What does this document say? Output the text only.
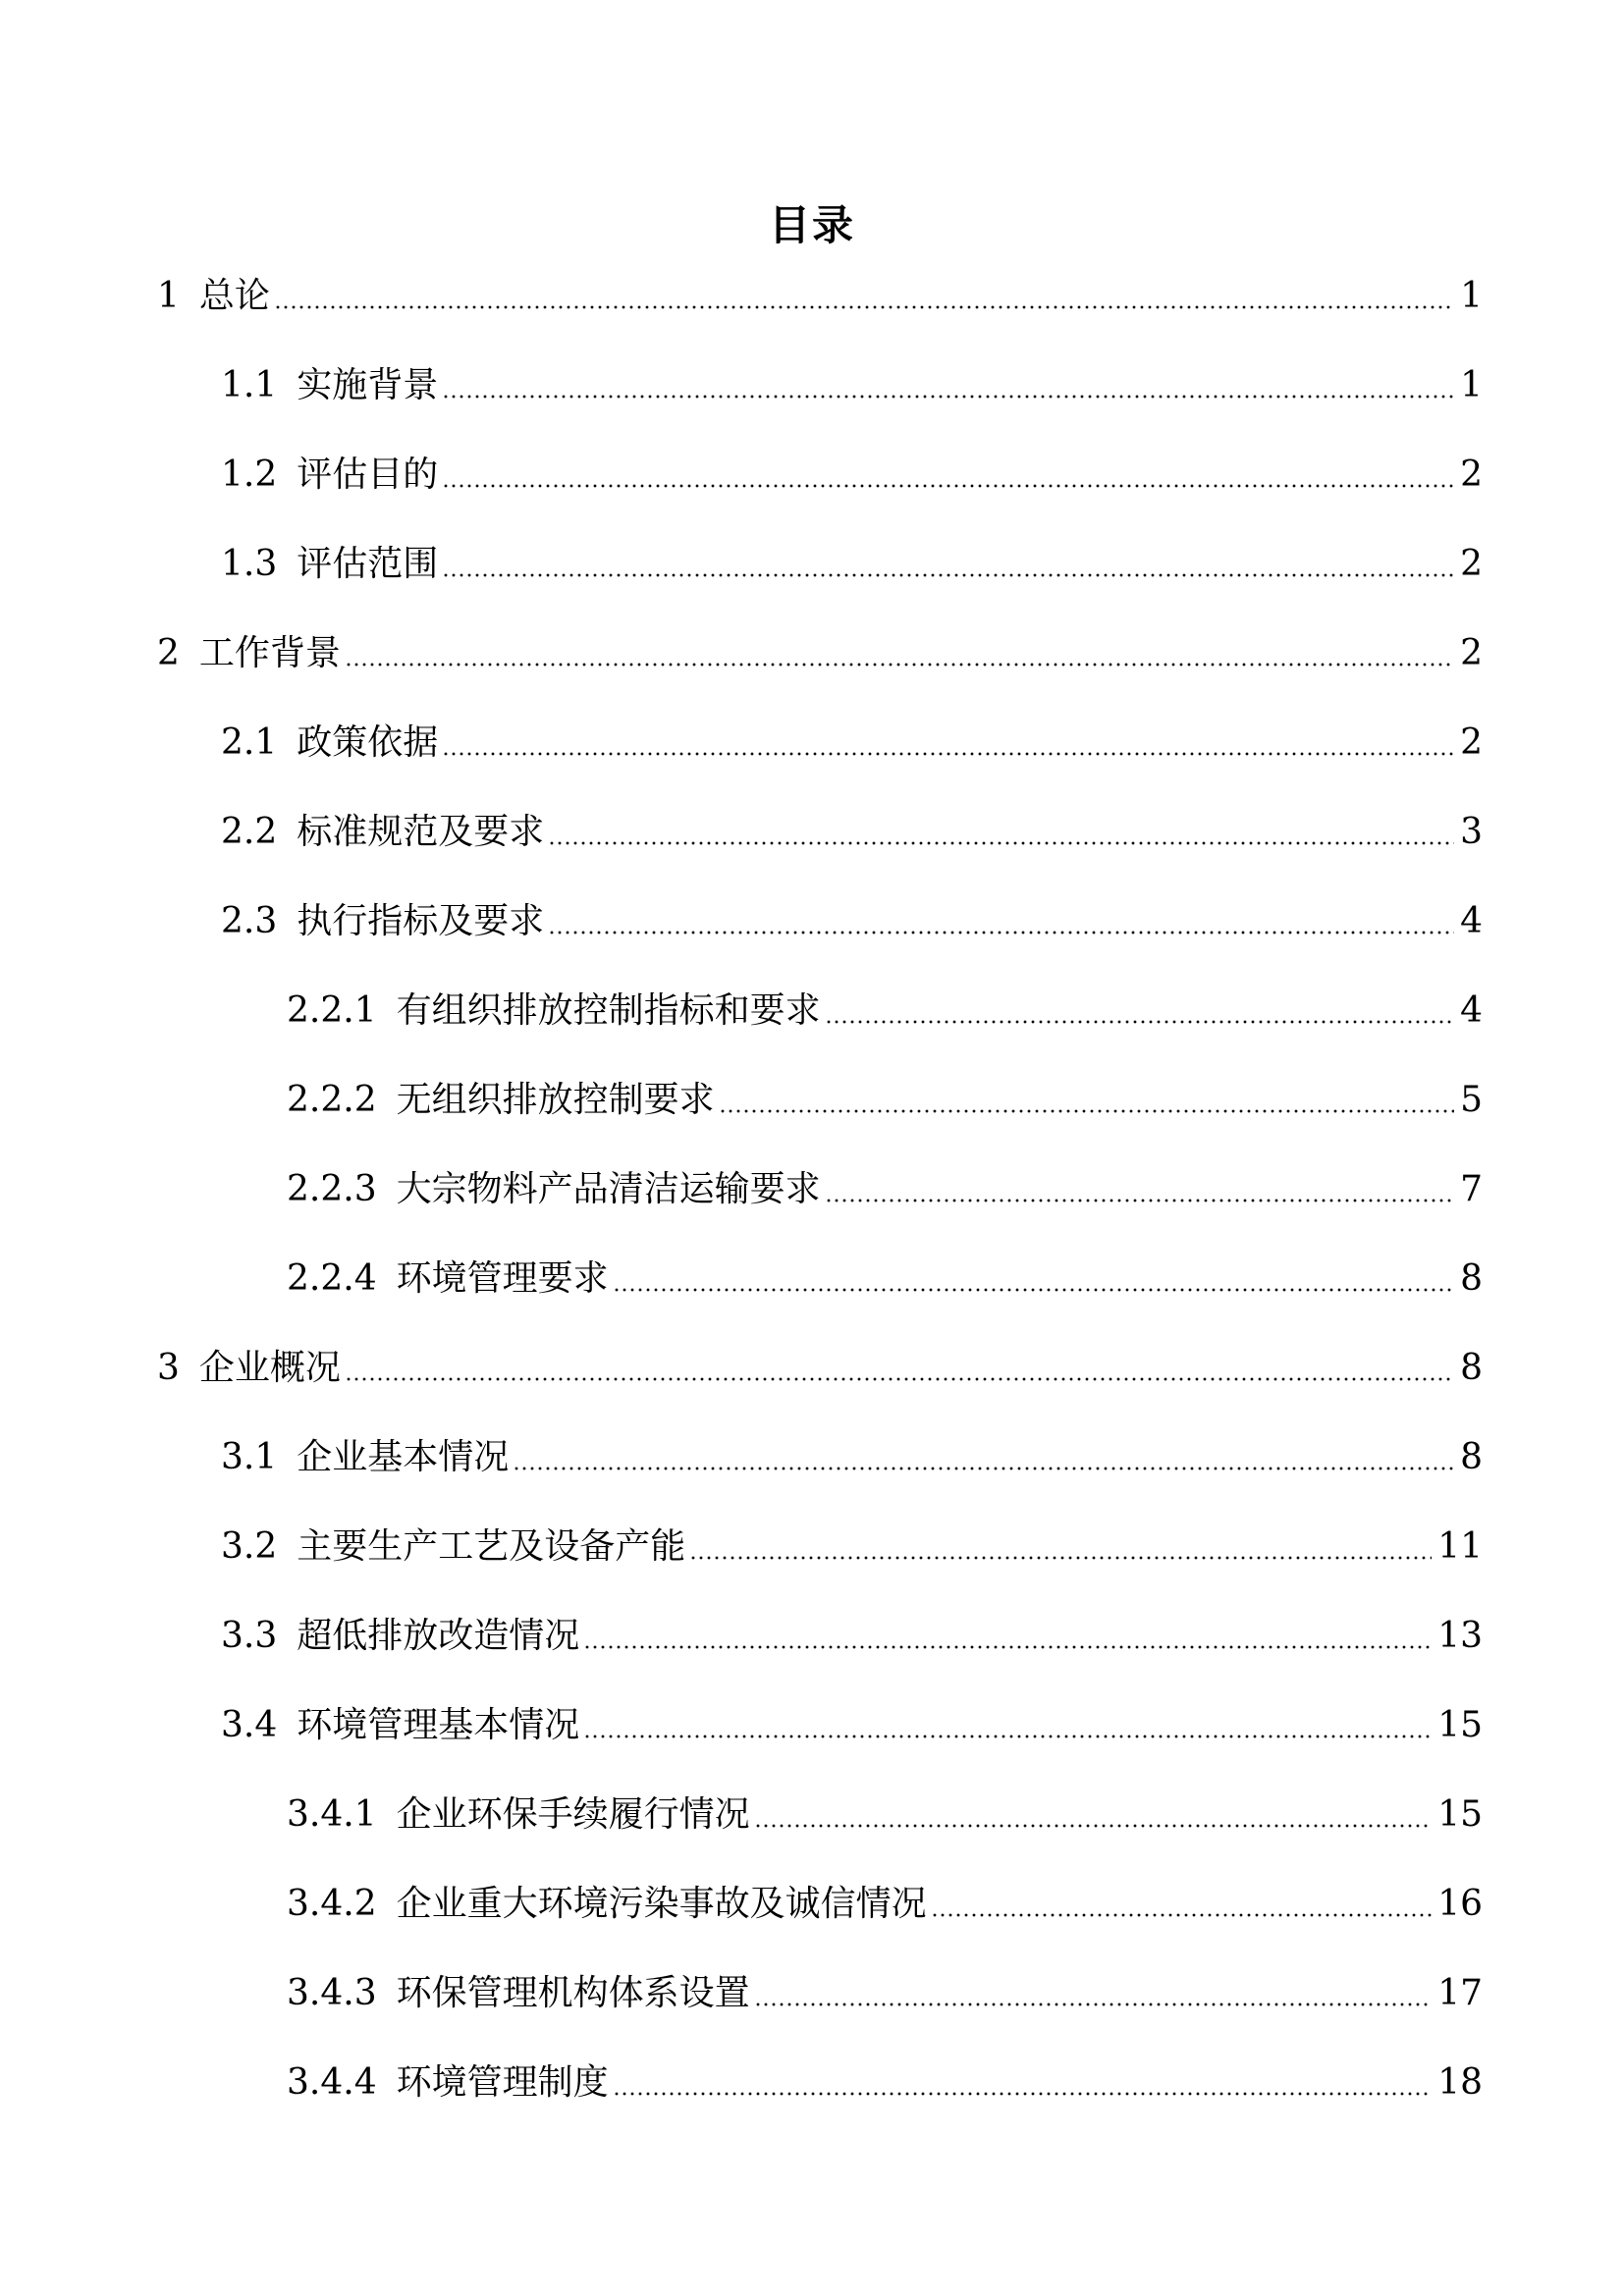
目录
1 总论	1
1.1 实施背景	1
1.2 评估目的	2
1.3 评估范围	2
2 工作背景	2
2.1 政策依据	2
2.2 标准规范及要求	3
2.3 执行指标及要求	4
2.2.1 有组织排放控制指标和要求	4
2.2.2 无组织排放控制要求	5
2.2.3 大宗物料产品清洁运输要求	7
2.2.4 环境管理要求	8
3 企业概况	8
3.1 企业基本情况	8
3.2 主要生产工艺及设备产能	11
3.3 超低排放改造情况	13
3.4 环境管理基本情况	15
3.4.1 企业环保手续履行情况	15
3.4.2 企业重大环境污染事故及诚信情况	16
3.4.3 环保管理机构体系设置	17
3.4.4 环境管理制度	18
